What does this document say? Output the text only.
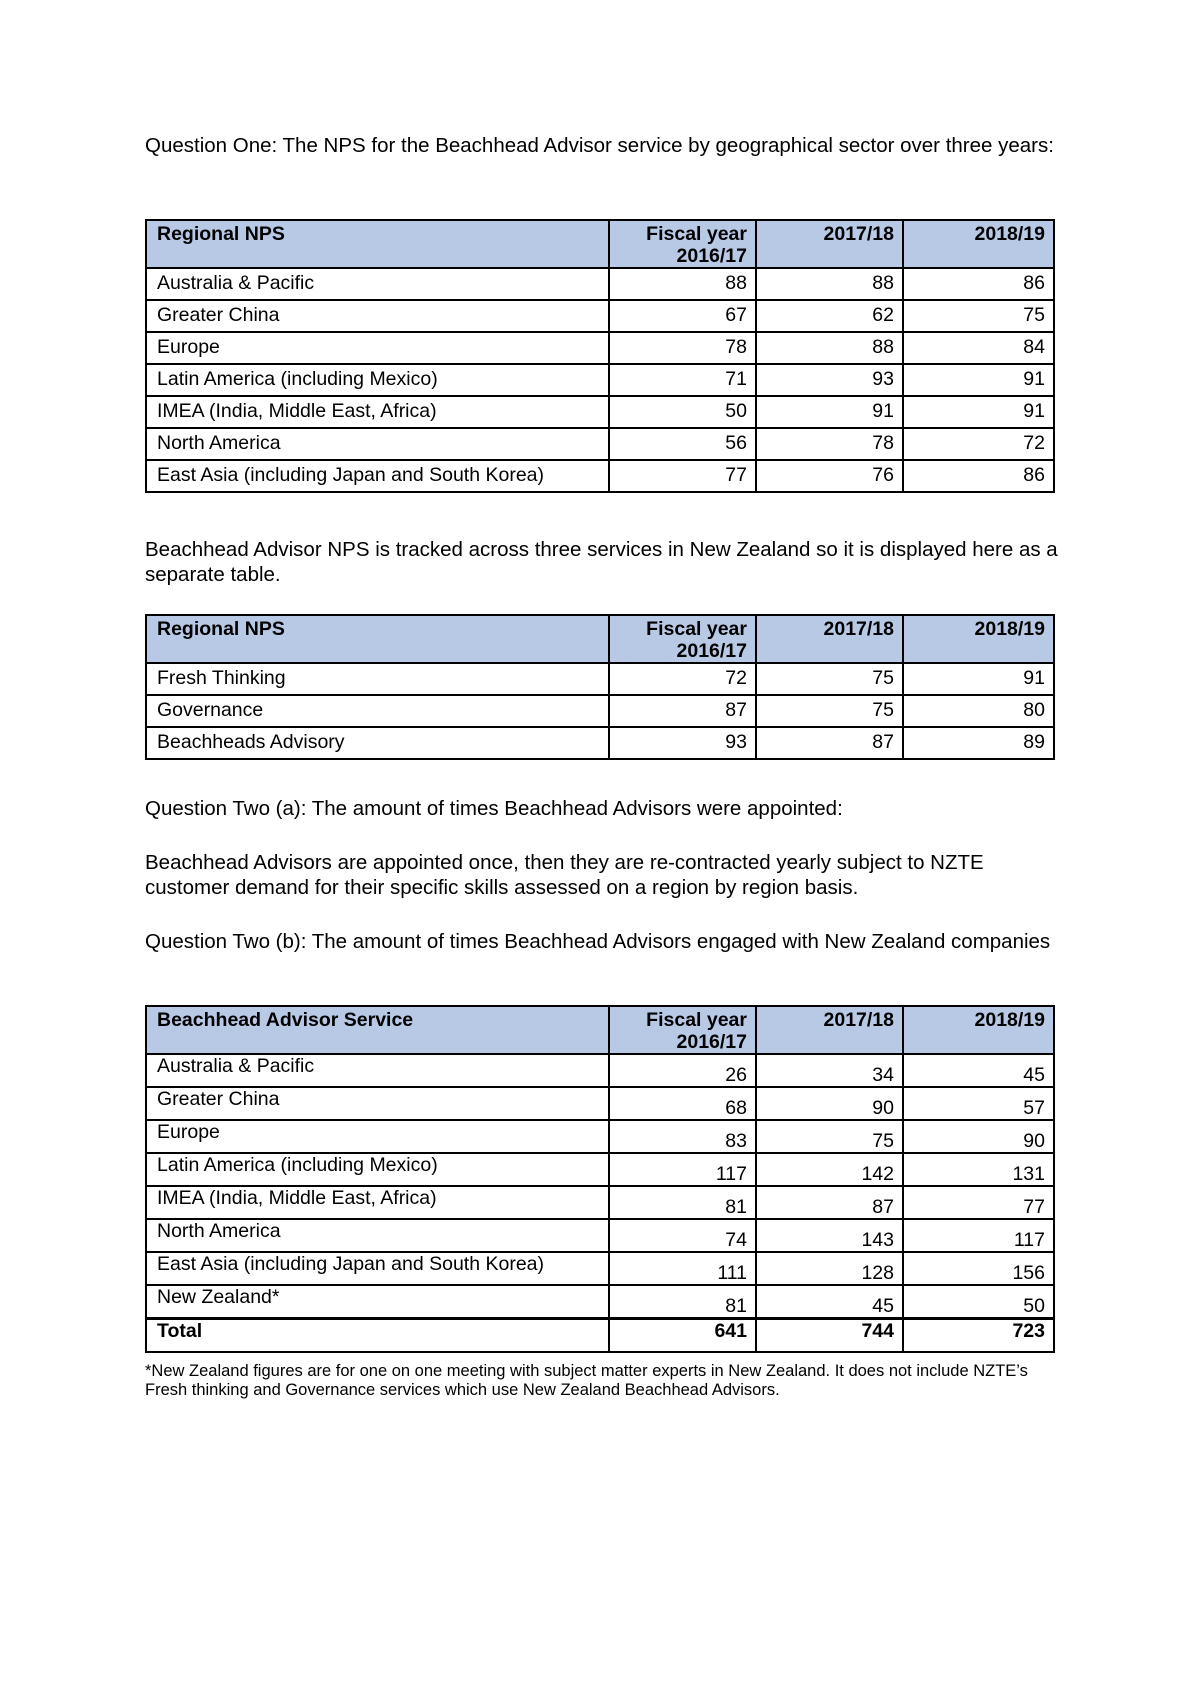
Question One: The NPS for the Beachhead Advisor service by geographical sector over three years:

Regional NPS	Fiscal year 2016/17	2017/18	2018/19
Australia & Pacific	88	88	86
Greater China	67	62	75
Europe	78	88	84
Latin America (including Mexico)	71	93	91
IMEA (India, Middle East, Africa)	50	91	91
North America	56	78	72
East Asia (including Japan and South Korea)	77	76	86

Beachhead Advisor NPS is tracked across three services in New Zealand so it is displayed here as a separate table.

Regional NPS	Fiscal year 2016/17	2017/18	2018/19
Fresh Thinking	72	75	91
Governance	87	75	80
Beachheads Advisory	93	87	89

Question Two (a): The amount of times Beachhead Advisors were appointed:

Beachhead Advisors are appointed once, then they are re-contracted yearly subject to NZTE customer demand for their specific skills assessed on a region by region basis.

Question Two (b): The amount of times Beachhead Advisors engaged with New Zealand companies

Beachhead Advisor Service	Fiscal year 2016/17	2017/18	2018/19
Australia & Pacific	26	34	45
Greater China	68	90	57
Europe	83	75	90
Latin America (including Mexico)	117	142	131
IMEA (India, Middle East, Africa)	81	87	77
North America	74	143	117
East Asia (including Japan and South Korea)	111	128	156
New Zealand*	81	45	50
Total	641	744	723

*New Zealand figures are for one on one meeting with subject matter experts in New Zealand. It does not include NZTE’s Fresh thinking and Governance services which use New Zealand Beachhead Advisors.
